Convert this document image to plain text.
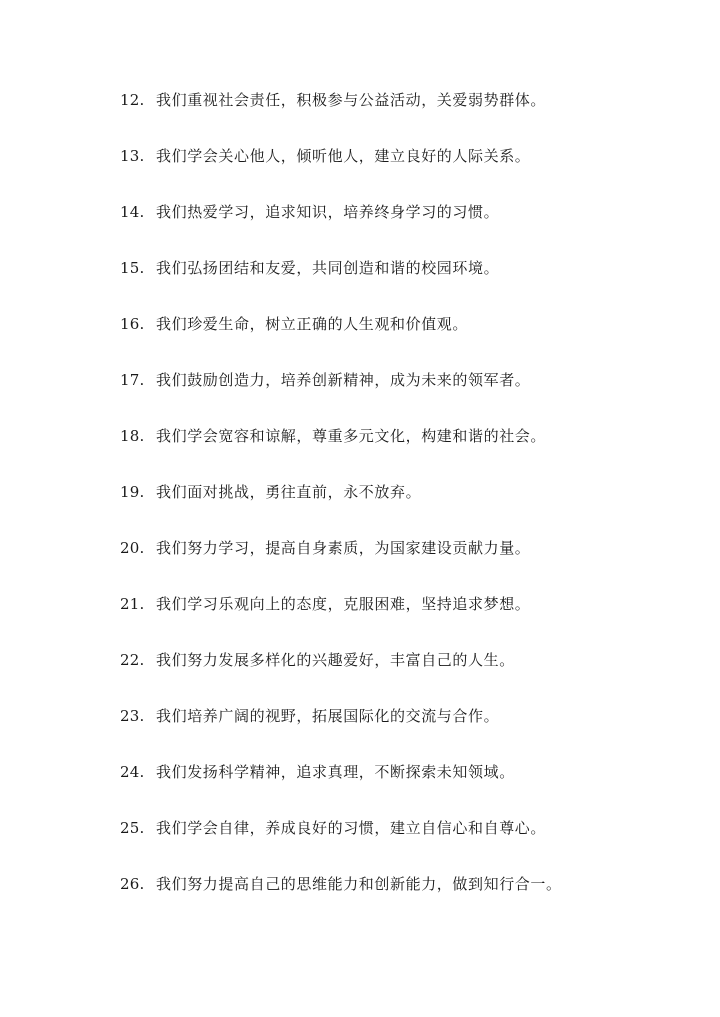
12. 我们重视社会责任，积极参与公益活动，关爱弱势群体。
13. 我们学会关心他人，倾听他人，建立良好的人际关系。
14. 我们热爱学习，追求知识，培养终身学习的习惯。
15. 我们弘扬团结和友爱，共同创造和谐的校园环境。
16. 我们珍爱生命，树立正确的人生观和价值观。
17. 我们鼓励创造力，培养创新精神，成为未来的领军者。
18. 我们学会宽容和谅解，尊重多元文化，构建和谐的社会。
19. 我们面对挑战，勇往直前，永不放弃。
20. 我们努力学习，提高自身素质，为国家建设贡献力量。
21. 我们学习乐观向上的态度，克服困难，坚持追求梦想。
22. 我们努力发展多样化的兴趣爱好，丰富自己的人生。
23. 我们培养广阔的视野，拓展国际化的交流与合作。
24. 我们发扬科学精神，追求真理，不断探索未知领域。
25. 我们学会自律，养成良好的习惯，建立自信心和自尊心。
26. 我们努力提高自己的思维能力和创新能力，做到知行合一。
